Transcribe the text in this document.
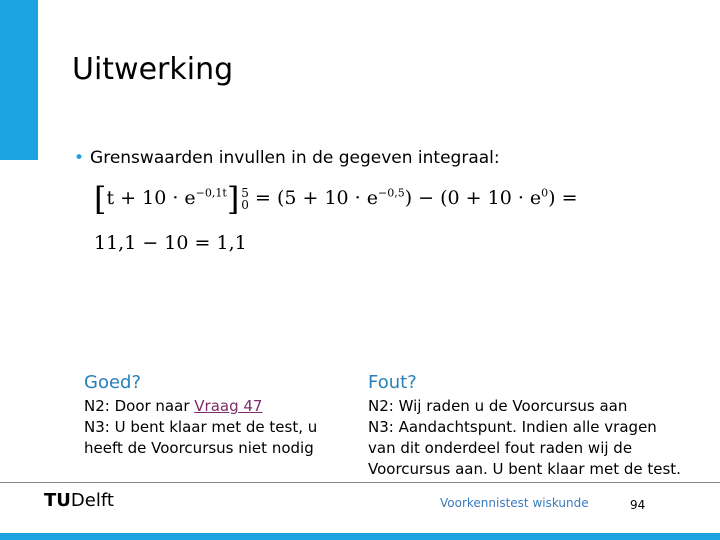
Uitwerking
• Grenswaarden invullen in de gegeven integraal:
$[t + 10 \cdot e^{-0,1t}]$ 5
$0 = (5 + 10 \cdot e^{-0,5}) - (0 + 10 \cdot e^0)$ =
11,1 − 10 = 1,1
Goed?
N2: Door naar Vraag 47
N3: U bent klaar met de test, u
heeft de Voorcursus niet nodig
Fout?
N2: Wij raden u de Voorcursus aan
N3: Aandachtspunt. Indien alle vragen
van dit onderdeel fout raden wij de
Voorcursus aan. U bent klaar met de test.
TUDelft	Voorkennistest wiskunde	94
